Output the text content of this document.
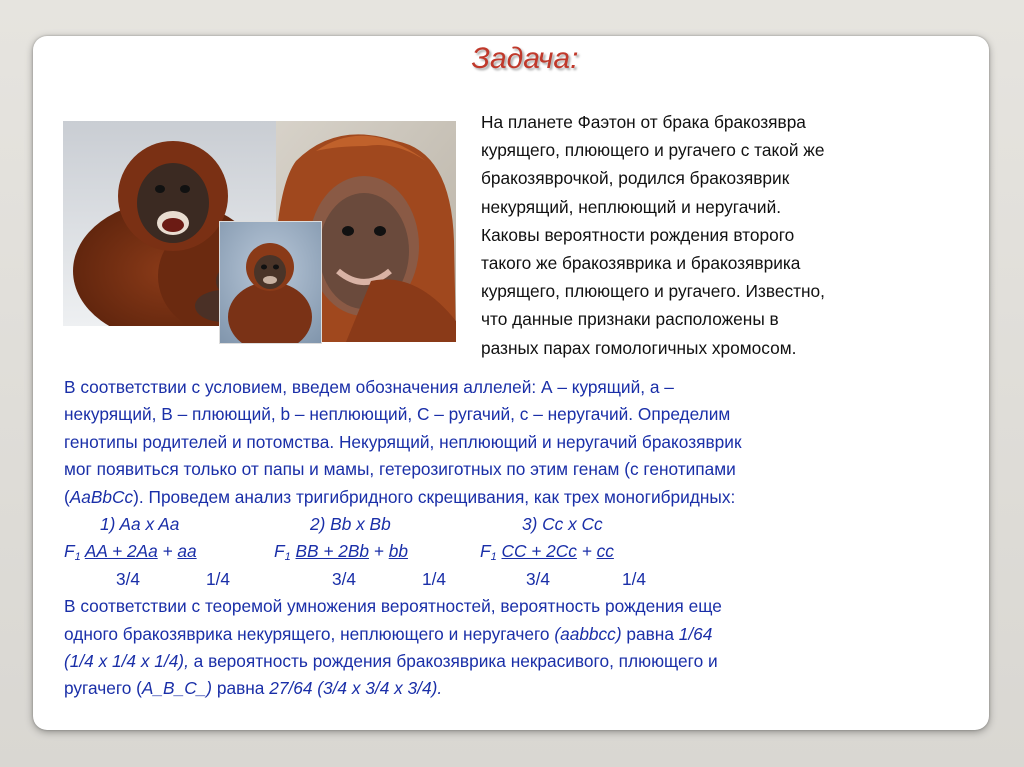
Задача:
На планете Фаэтон от брака бракозявра
курящего, плюющего и ругачего с такой же
бракозяврочкой, родился бракозяврик
некурящий, неплюющий и неругачий.
Каковы вероятности рождения второго
такого же бракозяврика и бракозяврика
курящего, плюющего и ругачего. Известно,
что данные признаки расположены в
разных парах гомологичных хромосом.
В соответствии с условием, введем обозначения аллелей: А – курящий, а –
некурящий, В – плюющий, b – неплюющий, С – ругачий, с – неругачий. Определим
генотипы родителей и потомства. Некурящий, неплюющий и неругачий бракозяврик
мог появиться только от папы и мамы, гетерозиготных по этим генам (с генотипами
(AaBbCc). Проведем анализ тригибридного скрещивания, как трех моногибридных:
1) Aa x Aa	2) Bb x Bb	3) Cc x Cc
$F_1$ AA + 2Aa + aa	$F_1$ BB + 2Bb + bb	$F_1$ CC + 2Cc + cc
3/4	1/4	3/4	1/4	3/4	1/4
В соответствии с теоремой умножения вероятностей, вероятность рождения еще
одного бракозяврика некурящего, неплюющего и неругачего (aabbcc) равна 1/64
(1/4 x 1/4 x 1/4), а вероятность рождения бракозяврика некрасивого, плюющего и
ругачего (A_B_C_) равна 27/64 (3/4 x 3/4 x 3/4).
